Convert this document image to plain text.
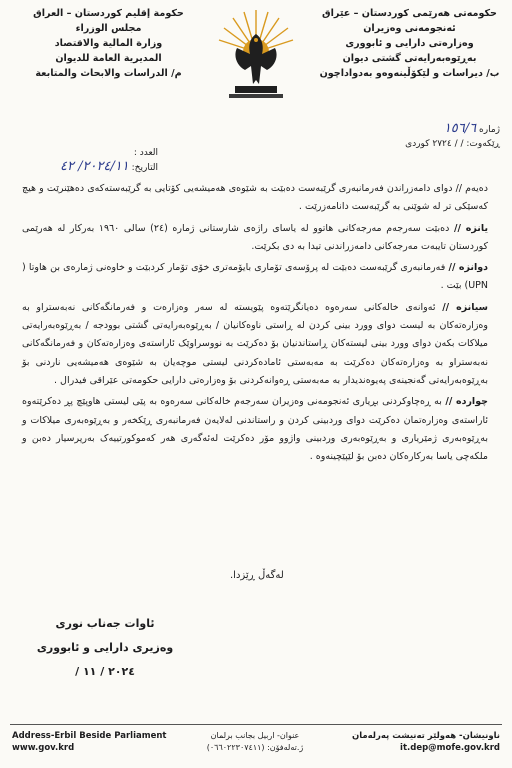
حکومەتی هەرێمی کوردستان – عێراق
ئەنجومەنی وەزیران
وەزارەتی دارایی و ئابووری
بەڕێوەبەرایەتی گشتی دیوان
ب/ دیراسات و لێکۆڵینەوەو بەدواداچون
حكومة إقليم كوردستان – العراق
مجلس الوزراء
وزارة المالية والاقتصاد
المديرية العامة للديوان
م/ الدراسات والابحاث والمتابعة
ژمارە ١٥٦/٦
ڕێکەوت: / / ٢٧٢٤ کوردی
العدد :
التاريخ: ٢٠٢٤/١١/ ٤٢

دەیەم // دوای دامەزراندن فەرمانبەری گرێبەست دەبێت بە شێوەی هەمیشەیی کۆتایی بە گرێبەستەکەی دەهێنرێت و هیچ کەسێکی تر لە شوێنی بە گرێبەست دانامەزرێت .

یانزە // دەبێت سەرجەم مەرجەکانی هاتوو لە یاسای راژەی شارستانی ژمارە (٢٤) سالی ١٩٦٠ بەرکار لە هەرێمی کوردستان تایبەت مەرجەکانی دامەزراندنی تیدا بە دی بکرێت.

دوانزە // فەرمانبەری گرێبەست دەبێت لە پرۆسەی تۆماری بایۆمەتری خۆی تۆمار کردبێت و خاوەنی ژمارەی بن هاوتا ( UPN) بێت .

سیانزە // ئەوانەی خالەکانی سەرەوە دەیانگرێتەوە پێویستە لە سەر وەزارەت و فەرمانگەکانی نەبەستراو بە وەزارەتەکان بە لیست دوای وورد بینی کردن لە ڕاستی ناوەکانیان / بەڕێوەبەرایەتی گشتی بوودجە / بەڕێوەبەرایەتی میلاکات بکەن دوای وورد بینی لیستەکان ڕاستاندنیان بۆ دەکرێت بە نووسراوێک ئاراستەی وەزارەتەکان و فەرمانگەکانی نەبەستراو بە وەزارەتەکان دەکرێت بە مەبەستی ئامادەکردنی لیستی موچەیان بە شێوەی هەمیشەیی ناردنی بۆ بەڕێوەبەرایەتی گەنجینەی پەیوەندیدار بە مەبەستی ڕەوانەکردنی بۆ وەزارەتی دارایی حکومەتی عێراقی فیدرال .

چواردە // بە ڕەچاوکردنی بڕیاری ئەنجومەنی وەزیران سەرجەم خالەکانی سەرەوە بە پێی لیستی هاوپێچ پڕ دەکرێتەوە ئاراستەی وەزارەتمان دەکرێت دوای وردبینی کردن و راستاندنی لەلایەن فەرمانبەری ڕێکخەر و بەڕێوەبەری میلاکات و بەڕێوەبەری ژمێریاری و بەڕێوەبەری وردبینی واژوو مۆر دەکرێت لەئەگەری هەر کەموکورتییەک بەرپرسیار دەبن و ملکەچی یاسا بەرکارەکان دەبن بۆ لێپێچینەوە .

لەگەڵ ڕێزدا.
ئاوات جەناب نوری
وەزیری دارایی و ئابووری
٢٠٢٤ / ١١ /
Address-Erbil Beside Parliament
www.gov.krd
عنوان- اربيل بجانب برلمان
ژ.تەلەفۆن: (٠٦٦٠٢٢٣٠٧٤١١)
ناونیشان- هەولێر تەنیشت پەرلەمان
it.dep@mofe.gov.krd
